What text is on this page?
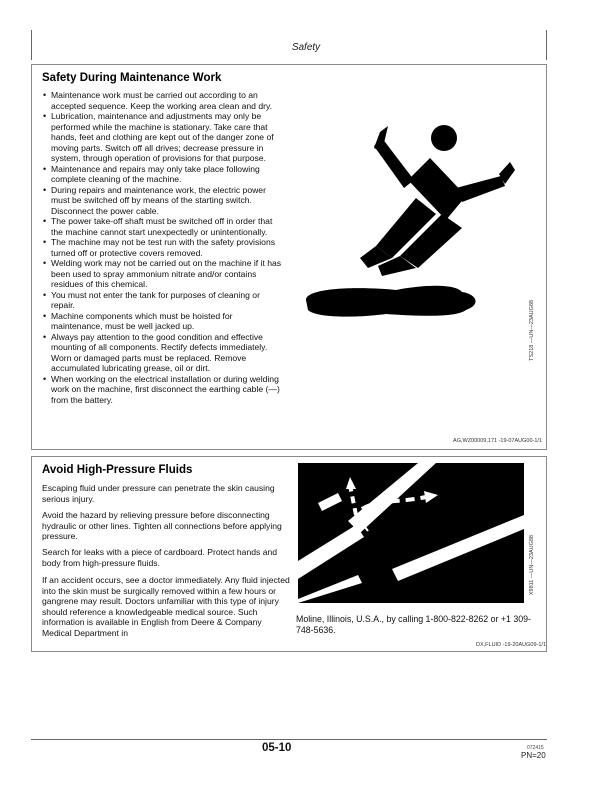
Safety
Safety During Maintenance Work
• Maintenance work must be carried out according to an accepted sequence. Keep the working area clean and dry.
• Lubrication, maintenance and adjustments may only be performed while the machine is stationary. Take care that hands, feet and clothing are kept out of the danger zone of moving parts. Switch off all drives; decrease pressure in system, through operation of provisions for that purpose.
• Maintenance and repairs may only take place following complete cleaning of the machine.
• During repairs and maintenance work, the electric power must be switched off by means of the starting switch. Disconnect the power cable.
• The power take-off shaft must be switched off in order that the machine cannot start unexpectedly or unintentionally.
• The machine may not be test run with the safety provisions turned off or protective covers removed.
• Welding work may not be carried out on the machine if it has been used to spray ammonium nitrate and/or contains residues of this chemical.
• You must not enter the tank for purposes of cleaning or repair.
• Machine components which must be hoisted for maintenance, must be well jacked up.
• Always pay attention to the good condition and effective mounting of all components. Rectify defects immediately. Worn or damaged parts must be replaced. Remove accumulated lubricating grease, oil or dirt.
• When working on the electrical installation or during welding work on the machine, first disconnect the earthing cable (—) from the battery.
TS218 —UN—23AUG88
AG,WZ00009,171 -19-07AUG00-1/1
Avoid High-Pressure Fluids

Escaping fluid under pressure can penetrate the skin causing serious injury.

Avoid the hazard by relieving pressure before disconnecting hydraulic or other lines. Tighten all connections before applying pressure.

Search for leaks with a piece of cardboard. Protect hands and body from high-pressure fluids.

If an accident occurs, see a doctor immediately. Any fluid injected into the skin must be surgically removed within a few hours or gangrene may result. Doctors unfamiliar with this type of injury should reference a knowledgeable medical source. Such information is available in English from Deere & Company Medical Department in

X9811 —UN—23AUG88

Moline, Illinois, U.S.A., by calling 1-800-822-8262 or +1 309-748-5636.

DX,FLUID -19-20AUG09-1/1
05-10	072415
PN=20
